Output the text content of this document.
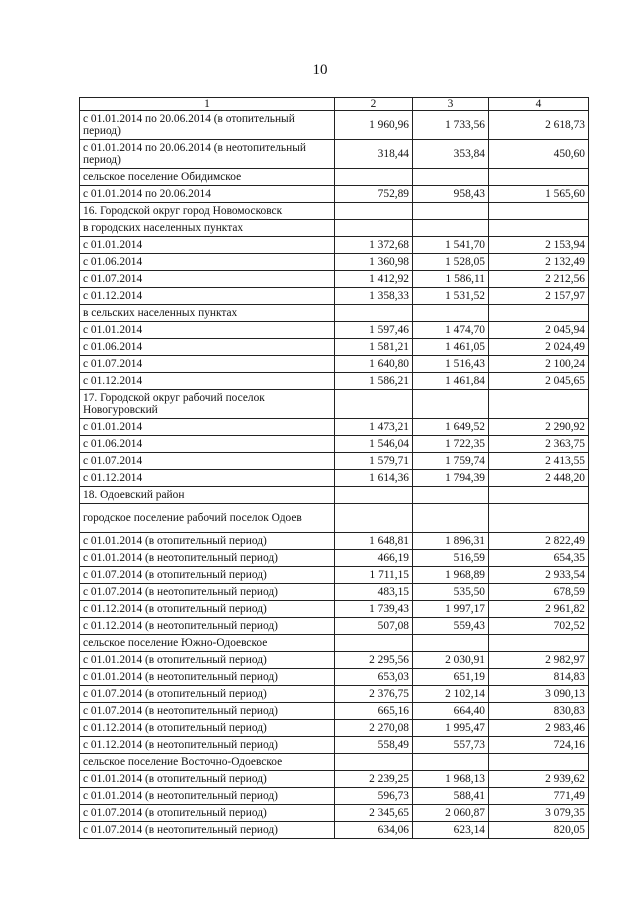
10
1	2	3	4
с 01.01.2014 по 20.06.2014 (в отопительный период)	1 960,96	1 733,56	2 618,73
с 01.01.2014 по 20.06.2014 (в неотопительный период)	318,44	353,84	450,60
сельское поселение Обидимское			
с 01.01.2014 по 20.06.2014	752,89	958,43	1 565,60
16. Городской округ город Новомосковск			
в городских населенных пунктах			
с 01.01.2014	1 372,68	1 541,70	2 153,94
с 01.06.2014	1 360,98	1 528,05	2 132,49
с 01.07.2014	1 412,92	1 586,11	2 212,56
с 01.12.2014	1 358,33	1 531,52	2 157,97
в сельских населенных пунктах			
с 01.01.2014	1 597,46	1 474,70	2 045,94
с 01.06.2014	1 581,21	1 461,05	2 024,49
с 01.07.2014	1 640,80	1 516,43	2 100,24
с 01.12.2014	1 586,21	1 461,84	2 045,65
17. Городской округ рабочий поселок Новогуровский			
с 01.01.2014	1 473,21	1 649,52	2 290,92
с 01.06.2014	1 546,04	1 722,35	2 363,75
с 01.07.2014	1 579,71	1 759,74	2 413,55
с 01.12.2014	1 614,36	1 794,39	2 448,20
18. Одоевский район			
городское поселение рабочий поселок Одоев			
с 01.01.2014 (в отопительный период)	1 648,81	1 896,31	2 822,49
с 01.01.2014 (в неотопительный период)	466,19	516,59	654,35
с 01.07.2014 (в отопительный период)	1 711,15	1 968,89	2 933,54
с 01.07.2014 (в неотопительный период)	483,15	535,50	678,59
с 01.12.2014 (в отопительный период)	1 739,43	1 997,17	2 961,82
с 01.12.2014 (в неотопительный период)	507,08	559,43	702,52
сельское поселение Южно-Одоевское			
с 01.01.2014 (в отопительный период)	2 295,56	2 030,91	2 982,97
с 01.01.2014 (в неотопительный период)	653,03	651,19	814,83
с 01.07.2014 (в отопительный период)	2 376,75	2 102,14	3 090,13
с 01.07.2014 (в неотопительный период)	665,16	664,40	830,83
с 01.12.2014 (в отопительный период)	2 270,08	1 995,47	2 983,46
с 01.12.2014 (в неотопительный период)	558,49	557,73	724,16
сельское поселение Восточно-Одоевское			
с 01.01.2014 (в отопительный период)	2 239,25	1 968,13	2 939,62
с 01.01.2014 (в неотопительный период)	596,73	588,41	771,49
с 01.07.2014 (в отопительный период)	2 345,65	2 060,87	3 079,35
с 01.07.2014 (в неотопительный период)	634,06	623,14	820,05
